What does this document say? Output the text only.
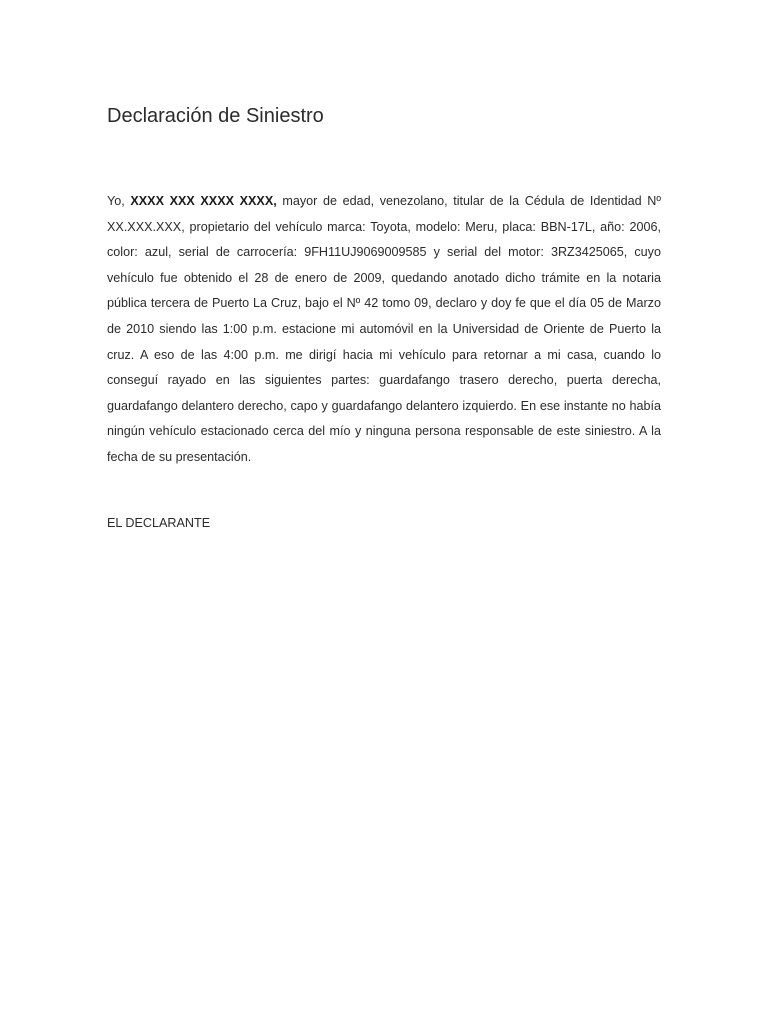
Declaración de Siniestro

Yo, XXXX XXX XXXX XXXX, mayor de edad, venezolano, titular de la Cédula de Identidad Nº XX.XXX.XXX, propietario del vehículo marca: Toyota, modelo: Meru, placa: BBN-17L, año: 2006, color: azul, serial de carrocería: 9FH11UJ9069009585 y serial del motor: 3RZ3425065, cuyo vehículo fue obtenido el 28 de enero de 2009, quedando anotado dicho trámite en la notaria pública tercera de Puerto La Cruz, bajo el Nº 42 tomo 09, declaro y doy fe que el día 05 de Marzo de 2010 siendo las 1:00 p.m. estacione mi automóvil en la Universidad de Oriente de Puerto la cruz. A eso de las 4:00 p.m. me dirigí hacia mi vehículo para retornar a mi casa, cuando lo conseguí rayado en las siguientes partes: guardafango trasero derecho, puerta derecha, guardafango delantero derecho, capo y guardafango delantero izquierdo. En ese instante no había ningún vehículo estacionado cerca del mío y ninguna persona responsable de este siniestro. A la fecha de su presentación.

EL DECLARANTE
